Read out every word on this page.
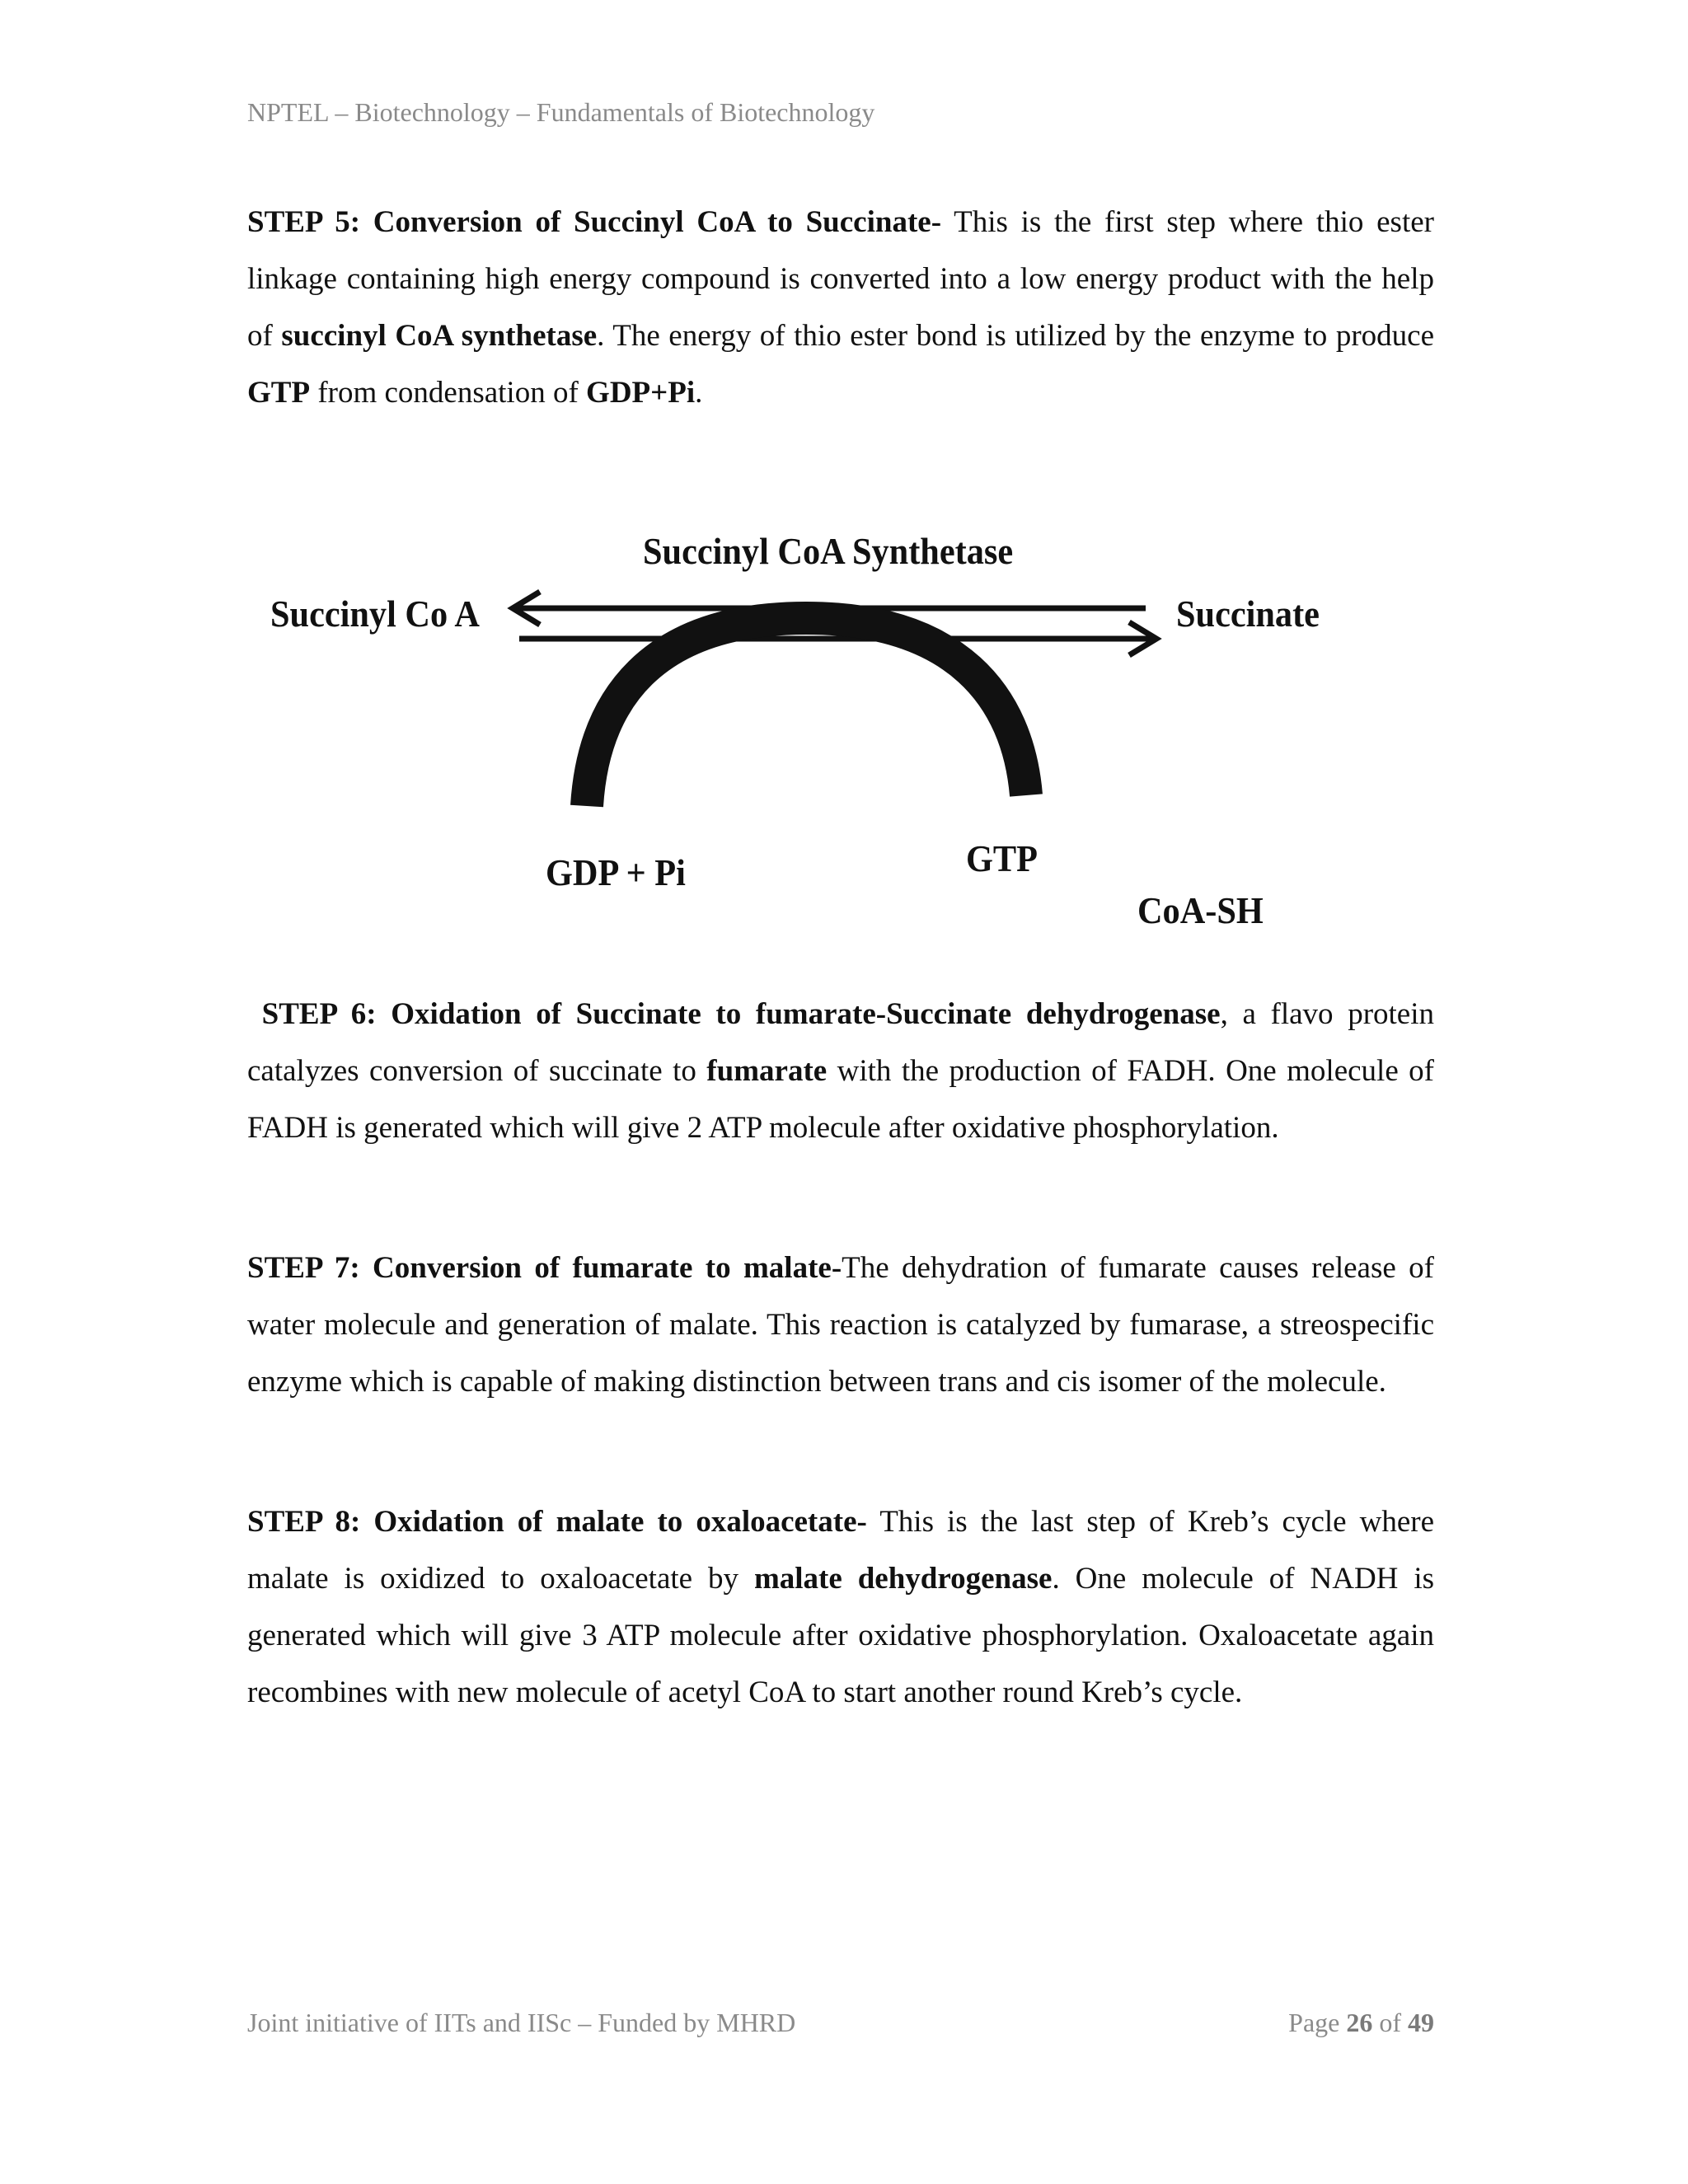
NPTEL – Biotechnology – Fundamentals of Biotechnology

STEP 5: Conversion of Succinyl CoA to Succinate- This is the first step where thio ester linkage containing high energy compound is converted into a low energy product with the help of succinyl CoA synthetase. The energy of thio ester bond is utilized by the enzyme to produce GTP from condensation of GDP+Pi.

Succinyl CoA Synthetase
Succinyl Co A	Succinate
GDP + Pi	GTP
CoA-SH

STEP 6: Oxidation of Succinate to fumarate-Succinate dehydrogenase, a flavo protein catalyzes conversion of succinate to fumarate with the production of FADH. One molecule of FADH is generated which will give 2 ATP molecule after oxidative phosphorylation.

STEP 7: Conversion of fumarate to malate-The dehydration of fumarate causes release of water molecule and generation of malate. This reaction is catalyzed by fumarase, a streospecific enzyme which is capable of making distinction between trans and cis isomer of the molecule.

STEP 8: Oxidation of malate to oxaloacetate- This is the last step of Kreb’s cycle where malate is oxidized to oxaloacetate by malate dehydrogenase. One molecule of NADH is generated which will give 3 ATP molecule after oxidative phosphorylation. Oxaloacetate again recombines with new molecule of acetyl CoA to start another round Kreb’s cycle.

Joint initiative of IITs and IISc – Funded by MHRD	Page 26 of 49
